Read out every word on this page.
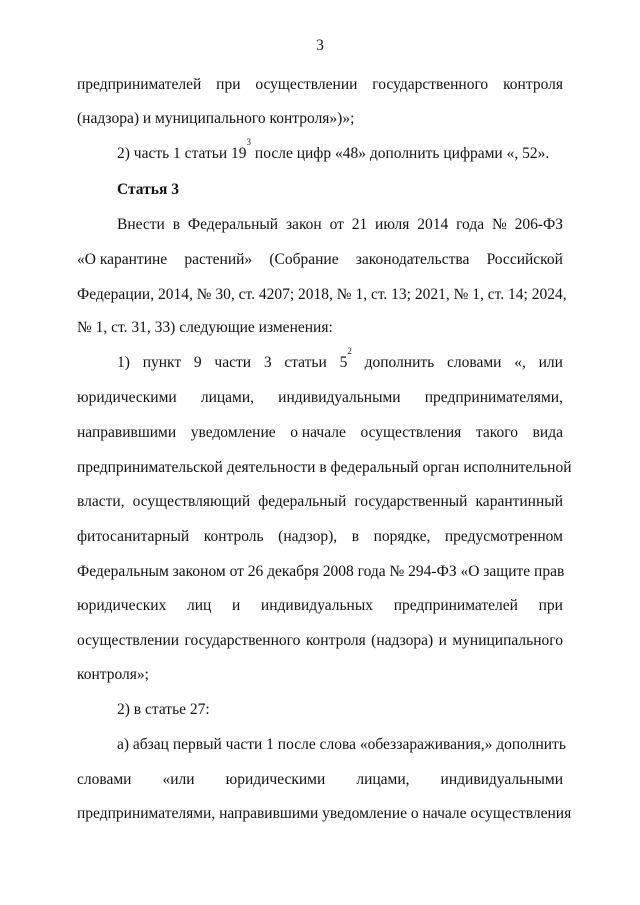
3
предпринимателей при осуществлении государственного контроля
(надзора) и муниципального контроля»)»;
2) часть 1 статьи $19^3$ после цифр «48» дополнить цифрами «, 52».
Статья 3
Внести в Федеральный закон от 21 июля 2014 года № 206-ФЗ
«О карантине растений» (Собрание законодательства Российской
Федерации, 2014, № 30, ст. 4207; 2018, № 1, ст. 13; 2021, № 1, ст. 14; 2024,
№ 1, ст. 31, 33) следующие изменения:
1) пункт 9 части 3 статьи $5^2$
дополнить словами «, или
юридическими лицами, индивидуальными предпринимателями,
направившими уведомление о начале осуществления такого вида
предпринимательской деятельности в федеральный орган исполнительной
власти, осуществляющий федеральный государственный карантинный
фитосанитарный контроль (надзор), в порядке, предусмотренном
Федеральным законом от 26 декабря 2008 года № 294-ФЗ «О защите прав
юридических лиц и индивидуальных предпринимателей при
осуществлении государственного контроля (надзора) и муниципального
контроля»;
2) в статье 27:
а) абзац первый части 1 после слова «обеззараживания,» дополнить
словами «или юридическими лицами, индивидуальными
предпринимателями, направившими уведомление о начале осуществления
